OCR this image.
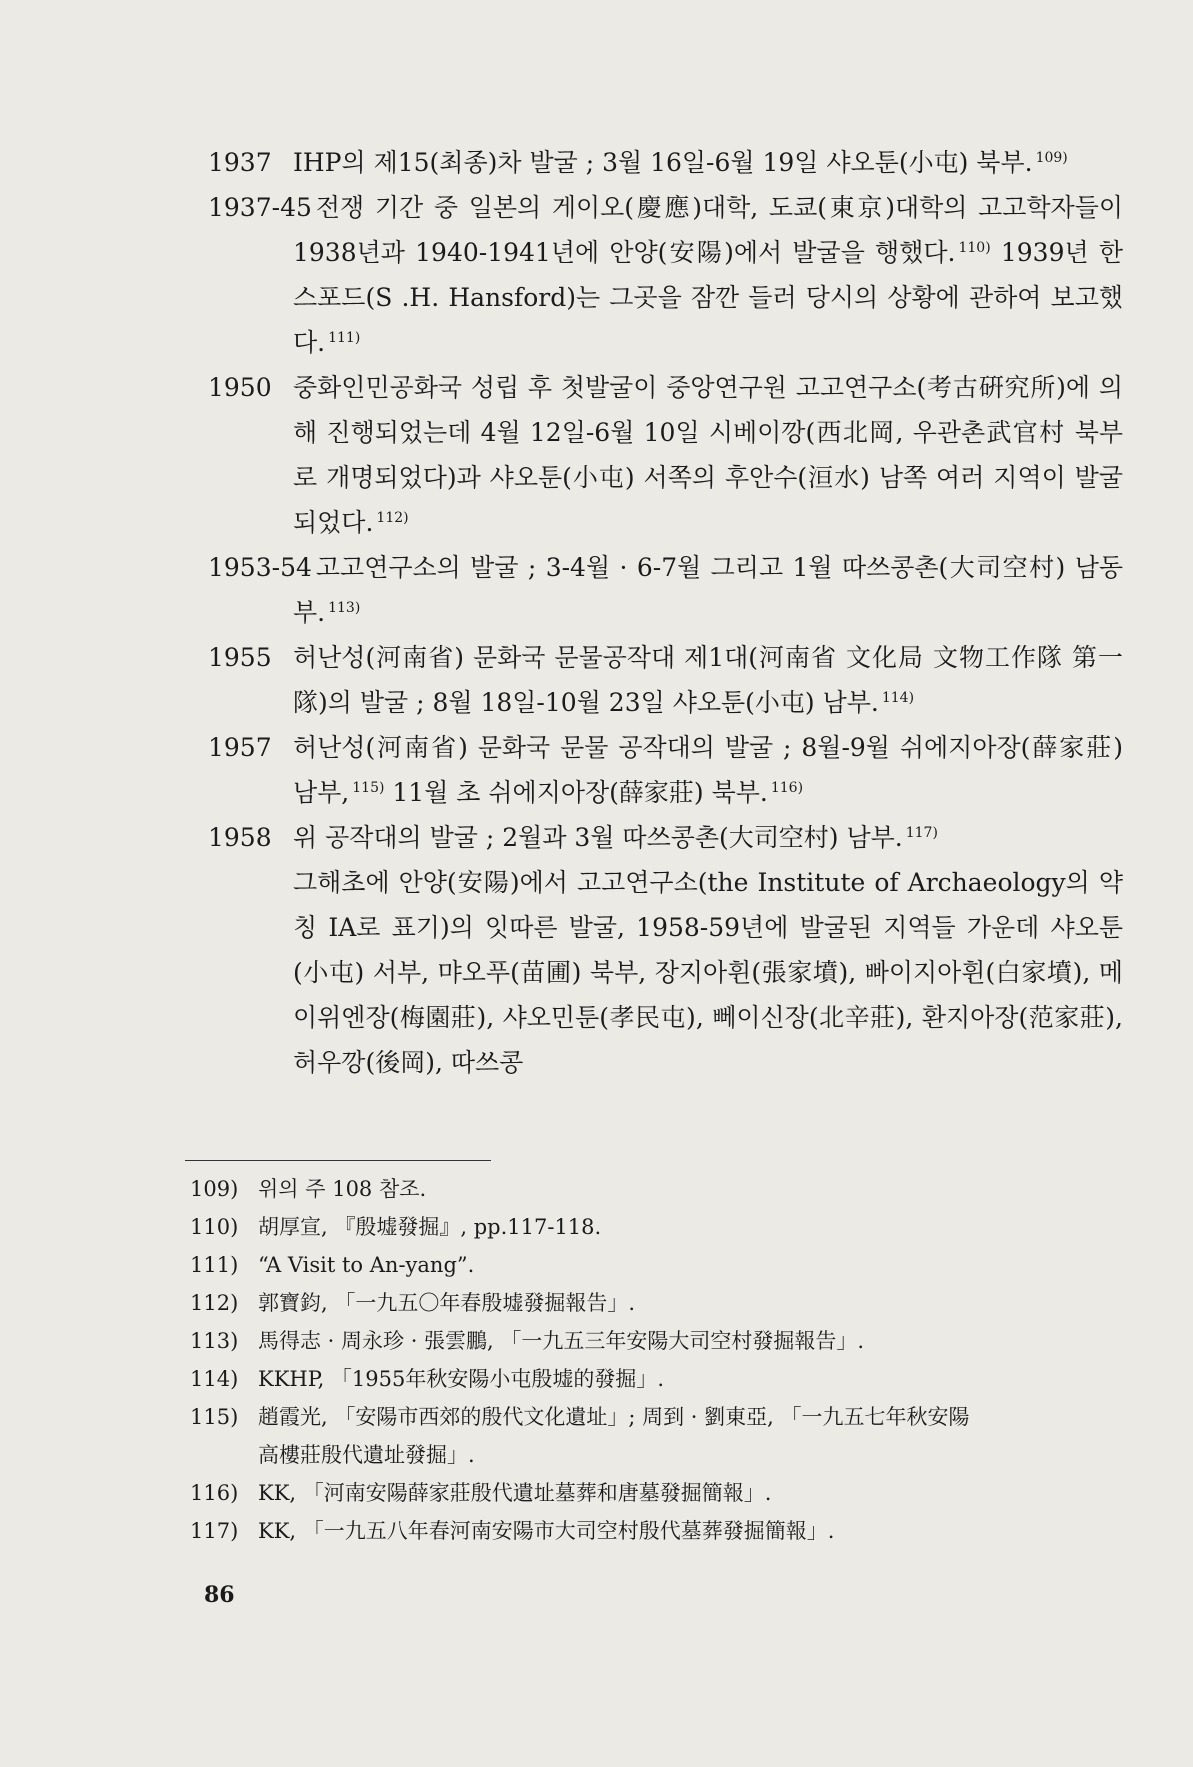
1937 IHP의 제15(최종)차 발굴 ; 3월 16일-6월 19일 샤오툰(小屯) 북부. $^{109)}$
1937-45 전쟁 기간 중 일본의 게이오(慶應)대학, 도쿄(東京)대학의 고고학자들이 1938년과 1940-1941년에 안양(安陽)에서 발굴을 행했다. $^{110)}$ 1939년 한스포드(S .H. Hansford)는 그곳을 잠깐 들러 당시의 상황에 관하여 보고했다. $^{111)}$
1950 중화인민공화국 성립 후 첫발굴이 중앙연구원 고고연구소(考古硏究所)에 의해 진행되었는데 4월 12일-6월 10일 시베이깡(西北岡, 우관촌武官村 북부로 개명되었다)과 샤오툰(小屯) 서쪽의 후안수(洹水) 남쪽 여러 지역이 발굴되었다. $^{112)}$
1953-54 고고연구소의 발굴 ; 3-4월 · 6-7월 그리고 1월 따쓰콩촌(大司空村) 남동부. $^{113)}$
1955 허난성(河南省) 문화국 문물공작대 제1대(河南省 文化局 文物工作隊 第一隊)의 발굴 ; 8월 18일-10월 23일 샤오툰(小屯) 남부. $^{114)}$
1957 허난성(河南省) 문화국 문물 공작대의 발굴 ; 8월-9월 쉬에지아장(薛家莊) 남부, $^{115)}$ 11월 초 쉬에지아장(薛家莊) 북부. $^{116)}$
1958 위 공작대의 발굴 ; 2월과 3월 따쓰콩촌(大司空村) 남부. $^{117)}$
그해초에 안양(安陽)에서 고고연구소(the Institute of Archaeology의 약칭 IA로 표기)의 잇따른 발굴, 1958-59년에 발굴된 지역들 가운데 샤오툰(小屯) 서부, 먀오푸(苗圃) 북부, 장지아휜(張家墳), 빠이지아휜(白家墳), 메이위엔장(梅園莊), 샤오민툰(孝民屯), 뻬이신장(北辛莊), 환지아장(范家莊), 허우깡(後岡), 따쓰콩
109) 위의 주 108 참조.
110) 胡厚宣, 『殷墟發掘』, pp.117-118.
111) “A Visit to An-yang”.
112) 郭寶鈞, 「一九五〇年春殷墟發掘報告」.
113) 馬得志 · 周永珍 · 張雲鵬, 「一九五三年安陽大司空村發掘報告」.
114) KKHP, 「1955年秋安陽小屯殷墟的發掘」.
115) 趙霞光, 「安陽市西郊的殷代文化遺址」; 周到 · 劉東亞, 「一九五七年秋安陽
高樓莊殷代遺址發掘」.
116) KK, 「河南安陽薛家莊殷代遺址墓葬和唐墓發掘簡報」.
117) KK, 「一九五八年春河南安陽市大司空村殷代墓葬發掘簡報」.
86
